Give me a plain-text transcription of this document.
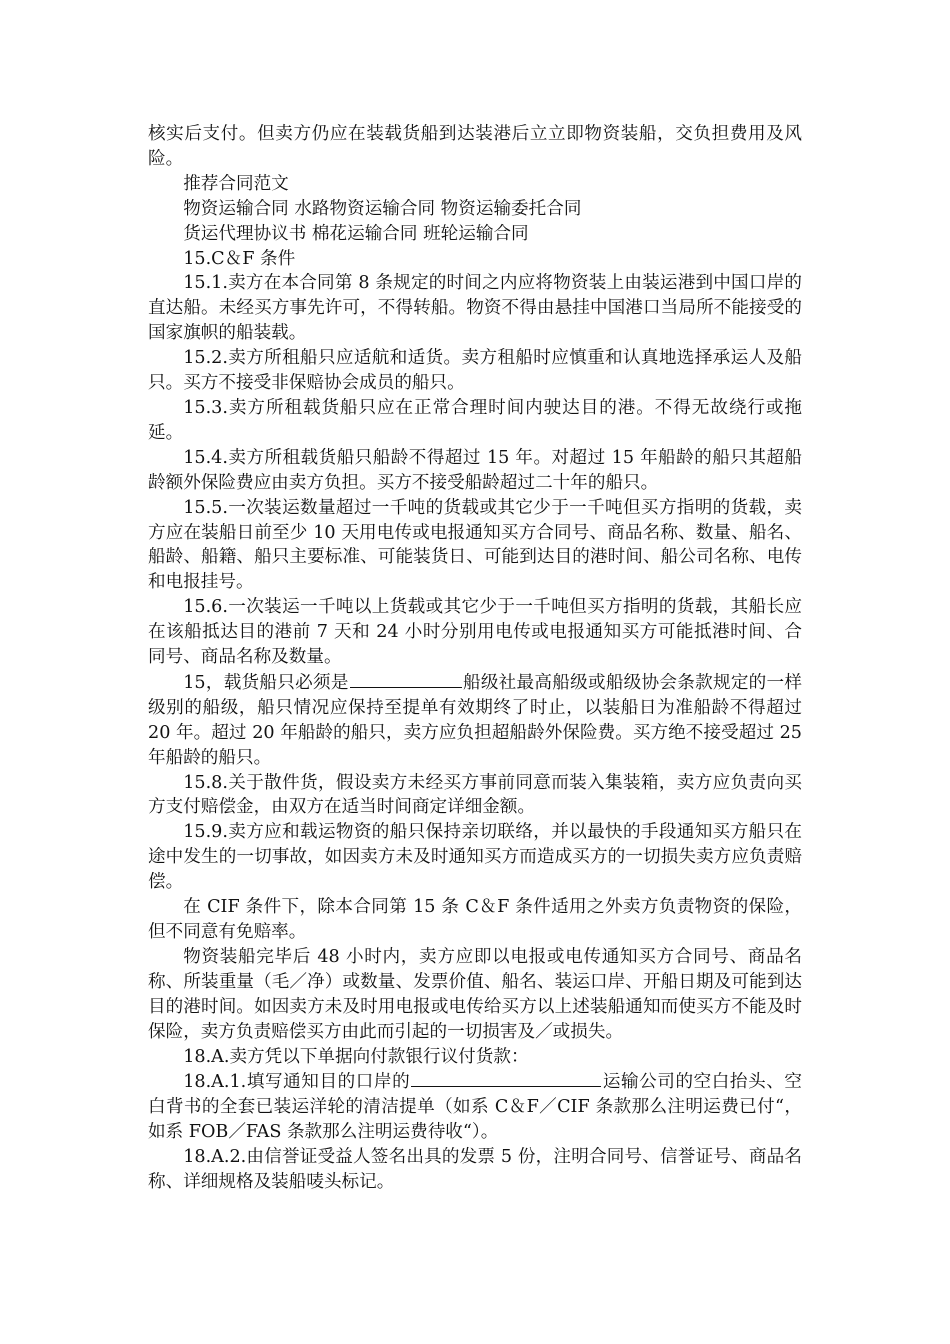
核实后支付。但卖方仍应在装载货船到达装港后立立即物资装船，交负担费用及风险。

推荐合同范文

物资运输合同 水路物资运输合同 物资运输委托合同

货运代理协议书 棉花运输合同 班轮运输合同

15.C＆F 条件

15.1.卖方在本合同第 8 条规定的时间之内应将物资装上由装运港到中国口岸的直达船。未经买方事先许可，不得转船。物资不得由悬挂中国港口当局所不能接受的国家旗帜的船装载。

15.2.卖方所租船只应适航和适货。卖方租船时应慎重和认真地选择承运人及船只。买方不接受非保赔协会成员的船只。

15.3.卖方所租载货船只应在正常合理时间内驶达目的港。不得无故绕行或拖延。

15.4.卖方所租载货船只船龄不得超过 15 年。对超过 15 年船龄的船只其超船龄额外保险费应由卖方负担。买方不接受船龄超过二十年的船只。

15.5.一次装运数量超过一千吨的货载或其它少于一千吨但买方指明的货载，卖方应在装船日前至少 10 天用电传或电报通知买方合同号、商品名称、数量、船名、船龄、船籍、船只主要标准、可能装货日、可能到达目的港时间、船公司名称、电传和电报挂号。

15.6.一次装运一千吨以上货载或其它少于一千吨但买方指明的货载，其船长应在该船抵达目的港前 7 天和 24 小时分别用电传或电报通知买方可能抵港时间、合同号、商品名称及数量。

15，载货船只必须是	船级社最高船级或船级协会条款规定的一样级别的船级，船只情况应保持至提单有效期终了时止，以装船日为准船龄不得超过 20 年。超过 20 年船龄的船只，卖方应负担超船龄外保险费。买方绝不接受超过 25 年船龄的船只。

15.8.关于散件货，假设卖方未经买方事前同意而装入集装箱，卖方应负责向买方支付赔偿金，由双方在适当时间商定详细金额。

15.9.卖方应和载运物资的船只保持亲切联络，并以最快的手段通知买方船只在途中发生的一切事故，如因卖方未及时通知买方而造成买方的一切损失卖方应负责赔偿。

在 CIF 条件下，除本合同第 15 条 C＆F 条件适用之外卖方负责物资的保险，但不同意有免赔率。

物资装船完毕后 48 小时内，卖方应即以电报或电传通知买方合同号、商品名称、所装重量（毛／净）或数量、发票价值、船名、装运口岸、开船日期及可能到达目的港时间。如因卖方未及时用电报或电传给买方以上述装船通知而使买方不能及时保险，卖方负责赔偿买方由此而引起的一切损害及／或损失。

18.A.卖方凭以下单据向付款银行议付货款：

18.A.1.填写通知目的口岸的	运输公司的空白抬头、空白背书的全套已装运洋轮的清洁提单（如系 C＆F／CIF 条款那么注明运费已付“，如系 FOB／FAS 条款那么注明运费待收“）。

18.A.2.由信誉证受益人签名出具的发票 5 份，注明合同号、信誉证号、商品名称、详细规格及装船唛头标记。
